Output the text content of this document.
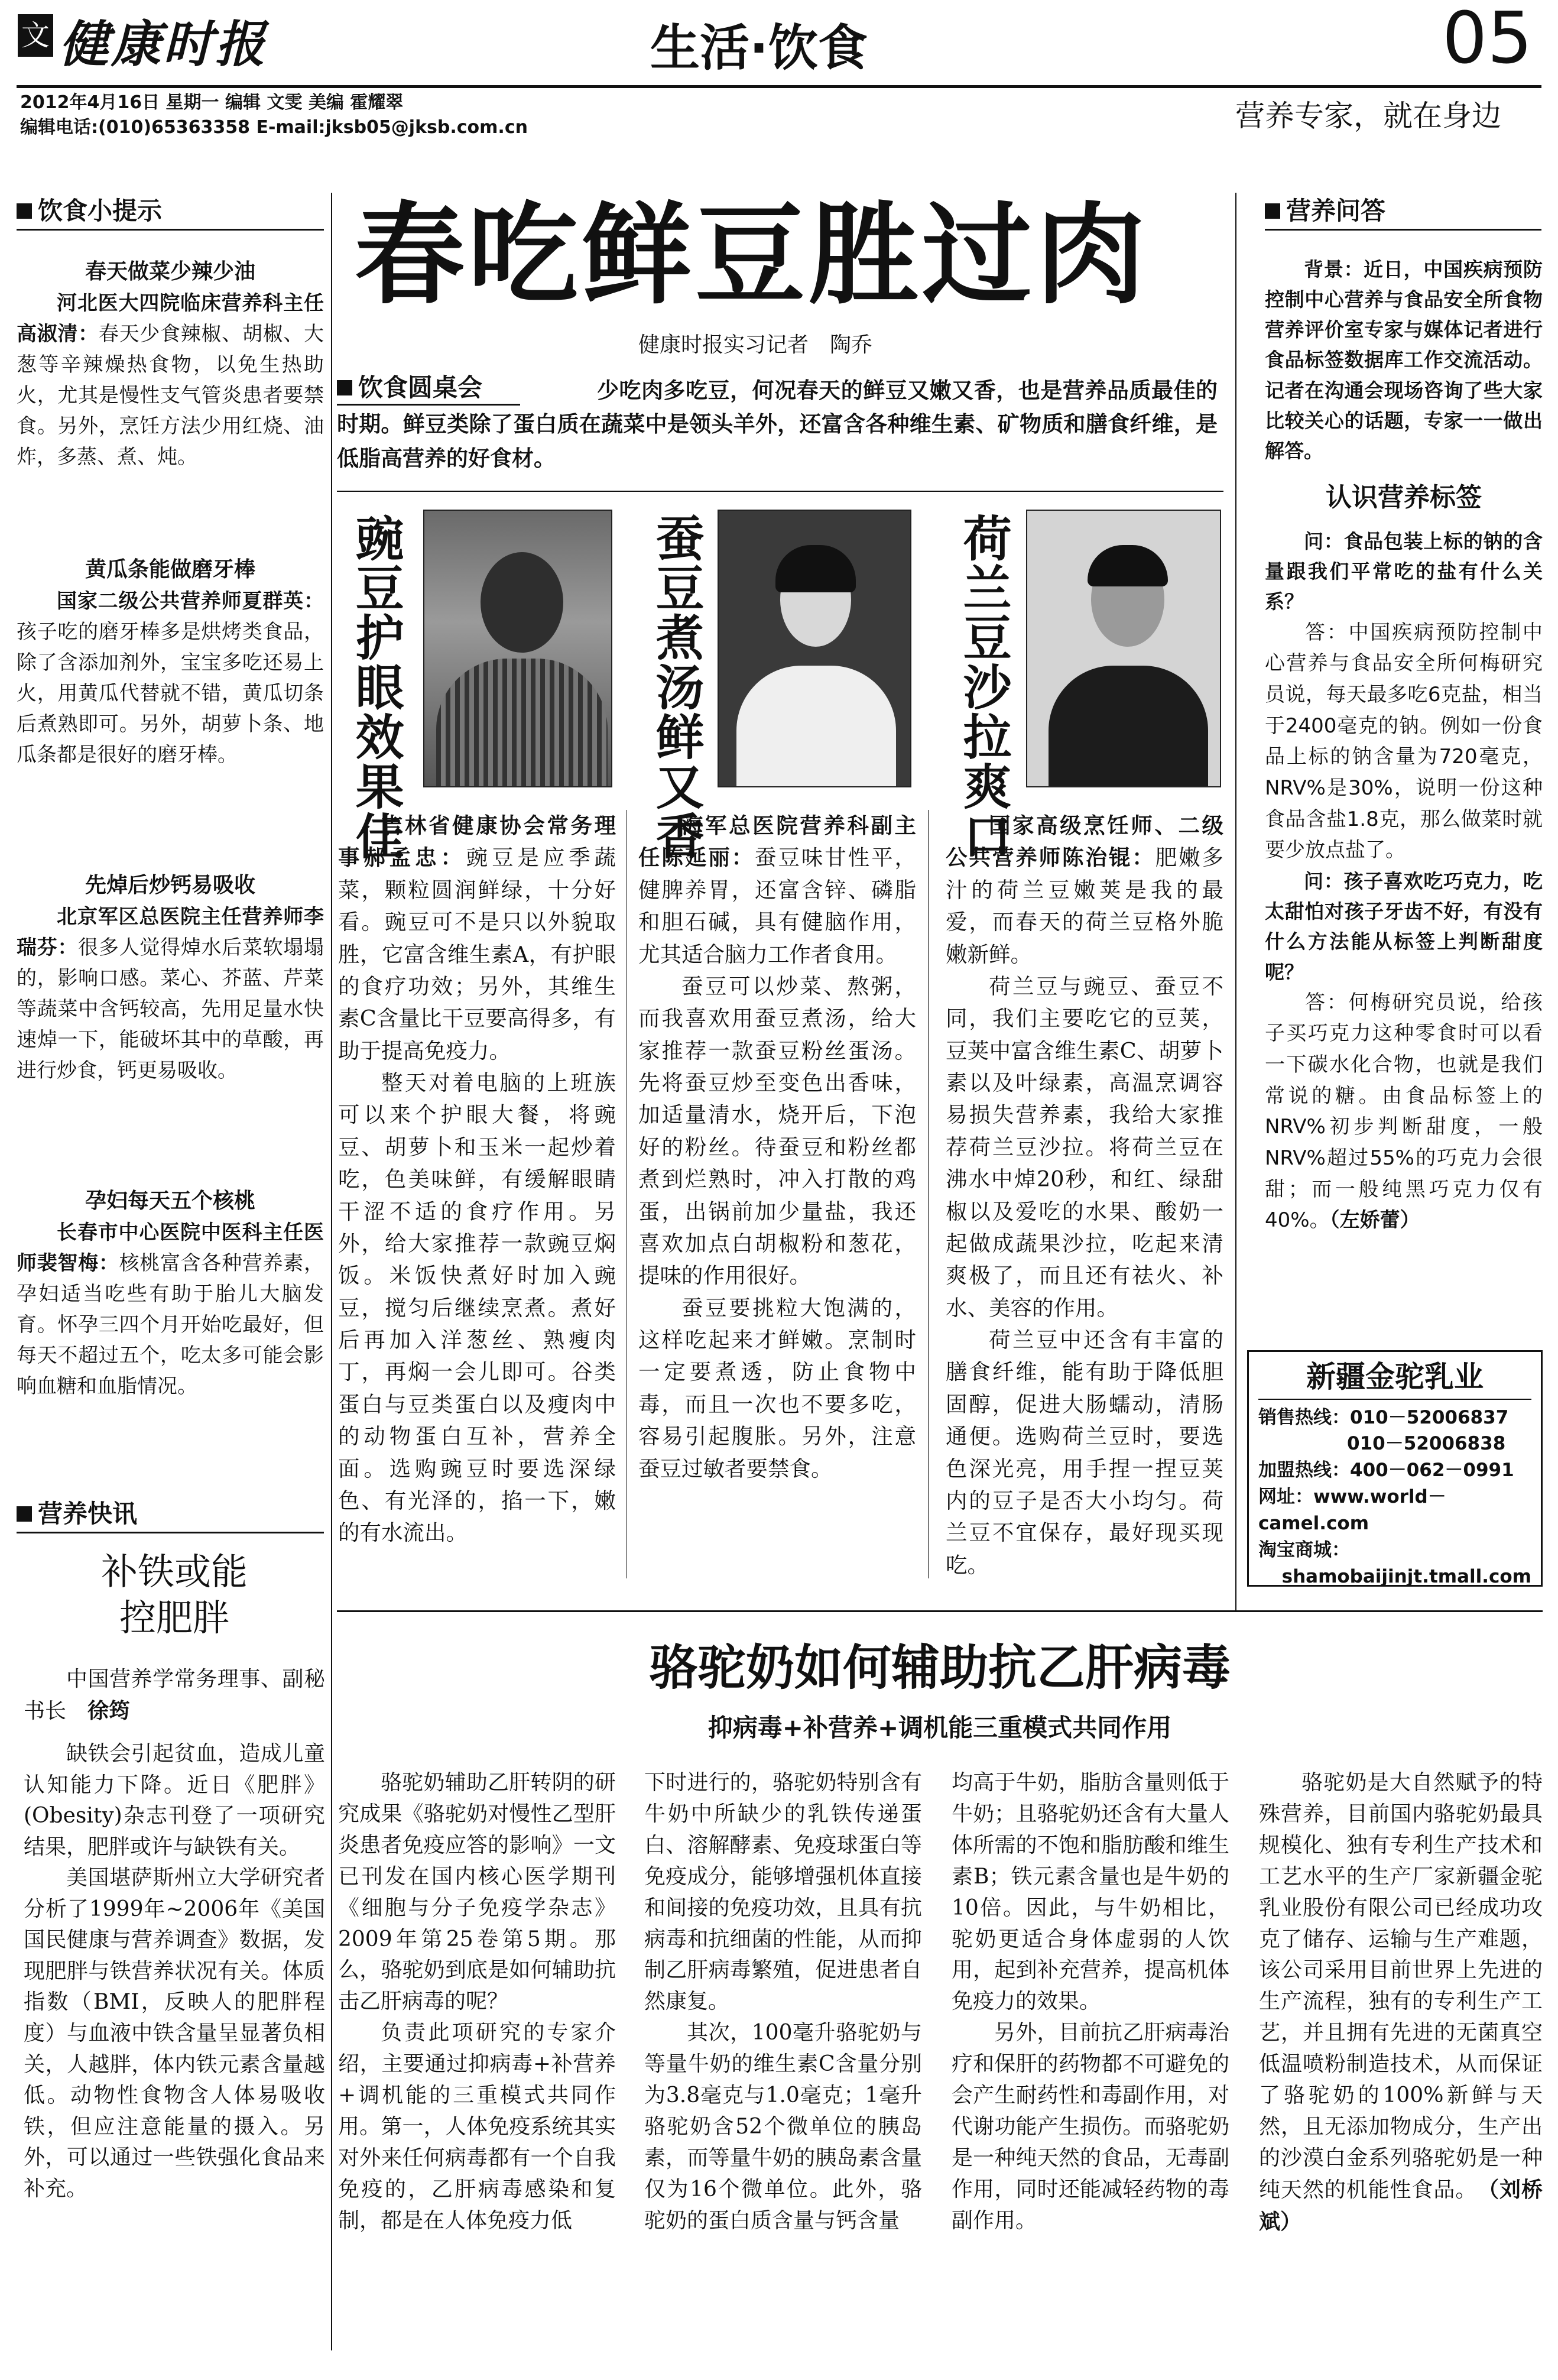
文 健康时报	生活·饮食	05
2012年4月16日 星期一 编辑 文雯 美编 霍耀翠
编辑电话:(010)65363358 E-mail:jksb05@jksb.com.cn	营养专家，就在身边
饮食小提示
春天做菜少辣少油
河北医大四院临床营养科主任高淑清：春天少食辣椒、胡椒、大葱等辛辣燥热食物，以免生热助火，尤其是慢性支气管炎患者要禁食。另外，烹饪方法少用红烧、油炸，多蒸、煮、炖。
黄瓜条能做磨牙棒
国家二级公共营养师夏群英：孩子吃的磨牙棒多是烘烤类食品，除了含添加剂外，宝宝多吃还易上火，用黄瓜代替就不错，黄瓜切条后煮熟即可。另外，胡萝卜条、地瓜条都是很好的磨牙棒。
先焯后炒钙易吸收
北京军区总医院主任营养师李瑞芬：很多人觉得焯水后菜软塌塌的，影响口感。菜心、芥蓝、芹菜等蔬菜中含钙较高，先用足量水快速焯一下，能破坏其中的草酸，再进行炒食，钙更易吸收。
孕妇每天五个核桃
长春市中心医院中医科主任医师裴智梅：核桃富含各种营养素，孕妇适当吃些有助于胎儿大脑发育。怀孕三四个月开始吃最好，但每天不超过五个，吃太多可能会影响血糖和血脂情况。
营养快讯
补铁或能
控肥胖
中国营养学常务理事、副秘书长　 徐筠

缺铁会引起贫血，造成儿童认知能力下降。近日《肥胖》(Obesity)杂志刊登了一项研究结果，肥胖或许与缺铁有关。

美国堪萨斯州立大学研究者分析了1999年~2006年《美国国民健康与营养调查》数据，发现肥胖与铁营养状况有关。体质指数（BMI，反映人的肥胖程度）与血液中铁含量呈显著负相关，人越胖，体内铁元素含量越低。动物性食物含人体易吸收铁，但应注意能量的摄入。另外，可以通过一些铁强化食品来补充。

春吃鲜豆胜过肉
健康时报实习记者　陶乔
饮食圆桌会	少吃肉多吃豆，何况春天的鲜豆又嫩又香，也是营养品质最佳的时期。鲜豆类除了蛋白质在蔬菜中是领头羊外，还富含各种维生素、矿物质和膳食纤维，是低脂高营养的好食材。
豌豆护眼效果佳	蚕豆煮汤鲜又香	荷兰豆沙拉爽口

吉林省健康协会常务理事郝孟忠：豌豆是应季蔬菜，颗粒圆润鲜绿，十分好看。豌豆可不是只以外貌取胜，它富含维生素A，有护眼的食疗功效；另外，其维生素C含量比干豆要高得多，有助于提高免疫力。

整天对着电脑的上班族可以来个护眼大餐，将豌豆、胡萝卜和玉米一起炒着吃，色美味鲜，有缓解眼睛干涩不适的食疗作用。另外，给大家推荐一款豌豆焖饭。米饭快煮好时加入豌豆，搅匀后继续烹煮。煮好后再加入洋葱丝、熟瘦肉丁，再焖一会儿即可。谷类蛋白与豆类蛋白以及瘦肉中的动物蛋白互补，营养全面。选购豌豆时要选深绿色、有光泽的，掐一下，嫩的有水流出。

海军总医院营养科副主任陈延丽：蚕豆味甘性平，健脾养胃，还富含锌、磷脂和胆石碱，具有健脑作用，尤其适合脑力工作者食用。

蚕豆可以炒菜、熬粥，而我喜欢用蚕豆煮汤，给大家推荐一款蚕豆粉丝蛋汤。先将蚕豆炒至变色出香味，加适量清水，烧开后，下泡好的粉丝。待蚕豆和粉丝都煮到烂熟时，冲入打散的鸡蛋，出锅前加少量盐，我还喜欢加点白胡椒粉和葱花，提味的作用很好。

蚕豆要挑粒大饱满的，这样吃起来才鲜嫩。烹制时一定要煮透，防止食物中毒，而且一次也不要多吃，容易引起腹胀。另外，注意蚕豆过敏者要禁食。

国家高级烹饪师、二级公共营养师陈治锟：肥嫩多汁的荷兰豆嫩荚是我的最爱，而春天的荷兰豆格外脆嫩新鲜。

荷兰豆与豌豆、蚕豆不同，我们主要吃它的豆荚，豆荚中富含维生素C、胡萝卜素以及叶绿素，高温烹调容易损失营养素，我给大家推荐荷兰豆沙拉。将荷兰豆在沸水中焯20秒，和红、绿甜椒以及爱吃的水果、酸奶一起做成蔬果沙拉，吃起来清爽极了，而且还有祛火、补水、美容的作用。

荷兰豆中还含有丰富的膳食纤维，能有助于降低胆固醇，促进大肠蠕动，清肠通便。选购荷兰豆时，要选色深光亮，用手捏一捏豆荚内的豆子是否大小均匀。荷兰豆不宜保存，最好现买现吃。

营养问答

背景：近日，中国疾病预防控制中心营养与食品安全所食物营养评价室专家与媒体记者进行食品标签数据库工作交流活动。记者在沟通会现场咨询了些大家比较关心的话题，专家一一做出解答。

认识营养标签

问：食品包装上标的钠的含量跟我们平常吃的盐有什么关系？

答：中国疾病预防控制中心营养与食品安全所何梅研究员说，每天最多吃6克盐，相当于2400毫克的钠。例如一份食品上标的钠含量为720毫克，NRV%是30%，说明一份这种食品含盐1.8克，那么做菜时就要少放点盐了。

问：孩子喜欢吃巧克力，吃太甜怕对孩子牙齿不好，有没有什么方法能从标签上判断甜度呢？

答：何梅研究员说，给孩子买巧克力这种零食时可以看一下碳水化合物，也就是我们常说的糖。由食品标签上的NRV%初步判断甜度，一般NRV%超过55%的巧克力会很甜；而一般纯黑巧克力仅有40%。（左娇蕾）

新疆金驼乳业
销售热线：010－52006837
010－52006838
加盟热线：400－062－0991
网址：www.world－camel.com
淘宝商城：
shamobaijinjt.tmall.com
骆驼奶如何辅助抗乙肝病毒
抑病毒+补营养+调机能三重模式共同作用

骆驼奶辅助乙肝转阴的研究成果《骆驼奶对慢性乙型肝炎患者免疫应答的影响》一文已刊发在国内核心医学期刊《细胞与分子免疫学杂志》2009年第25卷第5期。那么，骆驼奶到底是如何辅助抗击乙肝病毒的呢？

负责此项研究的专家介绍，主要通过抑病毒+补营养+调机能的三重模式共同作用。第一，人体免疫系统其实对外来任何病毒都有一个自我免疫的，乙肝病毒感染和复制，都是在人体免疫力低

下时进行的，骆驼奶特别含有牛奶中所缺少的乳铁传递蛋白、溶解酵素、免疫球蛋白等免疫成分，能够增强机体直接和间接的免疫功效，且具有抗病毒和抗细菌的性能，从而抑制乙肝病毒繁殖，促进患者自然康复。

其次，100毫升骆驼奶与等量牛奶的维生素C含量分别为3.8毫克与1.0毫克；1毫升骆驼奶含52个微单位的胰岛素，而等量牛奶的胰岛素含量仅为16个微单位。此外，骆驼奶的蛋白质含量与钙含量

均高于牛奶，脂肪含量则低于牛奶；且骆驼奶还含有大量人体所需的不饱和脂肪酸和维生素B；铁元素含量也是牛奶的10倍。因此，与牛奶相比，驼奶更适合身体虚弱的人饮用，起到补充营养，提高机体免疫力的效果。

另外，目前抗乙肝病毒治疗和保肝的药物都不可避免的会产生耐药性和毒副作用，对代谢功能产生损伤。而骆驼奶是一种纯天然的食品，无毒副作用，同时还能减轻药物的毒副作用。

骆驼奶是大自然赋予的特殊营养，目前国内骆驼奶最具规模化、独有专利生产技术和工艺水平的生产厂家新疆金驼乳业股份有限公司已经成功攻克了储存、运输与生产难题，该公司采用目前世界上先进的生产流程，独有的专利生产工艺，并且拥有先进的无菌真空低温喷粉制造技术，从而保证了骆驼奶的100%新鲜与天然，且无添加物成分，生产出的沙漠白金系列骆驼奶是一种纯天然的机能性食品。　 （刘桥斌）
